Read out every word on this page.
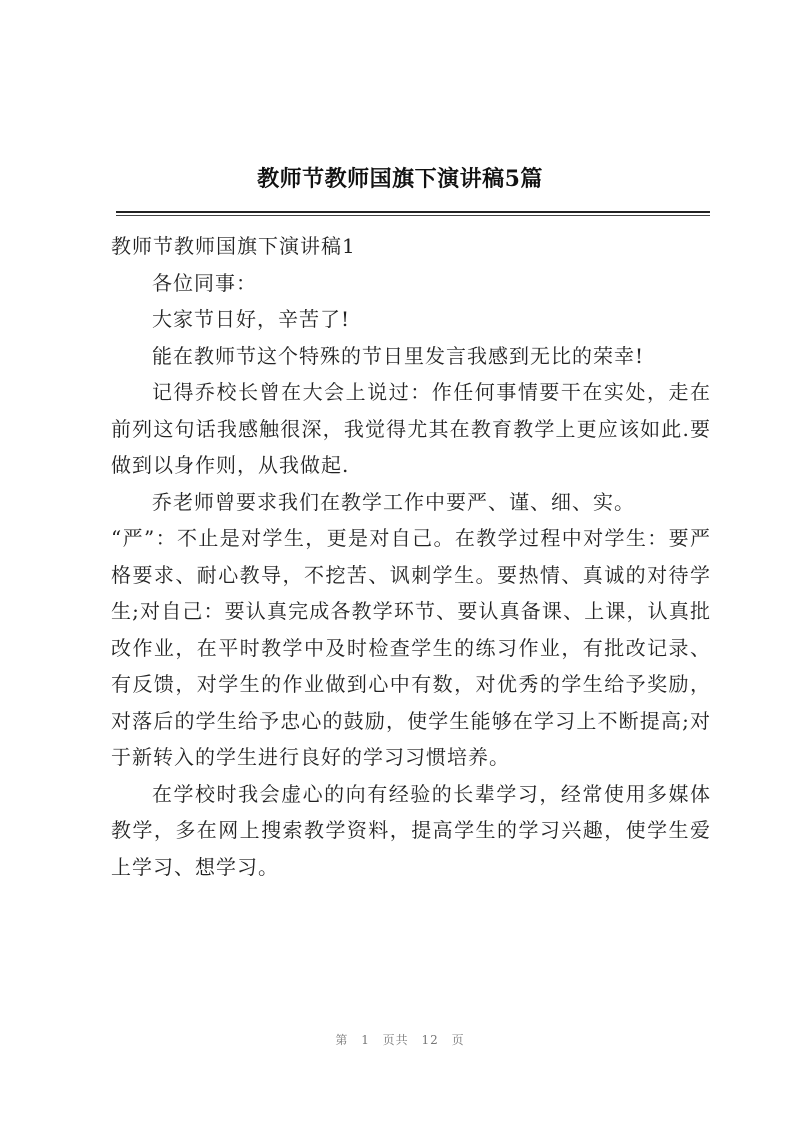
教师节教师国旗下演讲稿5篇

教师节教师国旗下演讲稿1

各位同事：

大家节日好，辛苦了!

能在教师节这个特殊的节日里发言我感到无比的荣幸!

记得乔校长曾在大会上说过：作任何事情要干在实处，走在前列这句话我感触很深，我觉得尤其在教育教学上更应该如此.要做到以身作则，从我做起.

乔老师曾要求我们在教学工作中要严、谨、细、实。

“严”：不止是对学生，更是对自己。在教学过程中对学生：要严格要求、耐心教导，不挖苦、讽刺学生。要热情、真诚的对待学生;对自己：要认真完成各教学环节、要认真备课、上课，认真批改作业，在平时教学中及时检查学生的练习作业，有批改记录、有反馈，对学生的作业做到心中有数，对优秀的学生给予奖励，对落后的学生给予忠心的鼓励，使学生能够在学习上不断提高;对于新转入的学生进行良好的学习习惯培养。

在学校时我会虚心的向有经验的长辈学习，经常使用多媒体教学，多在网上搜索教学资料，提高学生的学习兴趣，使学生爱上学习、想学习。

第 1 页共 12 页
